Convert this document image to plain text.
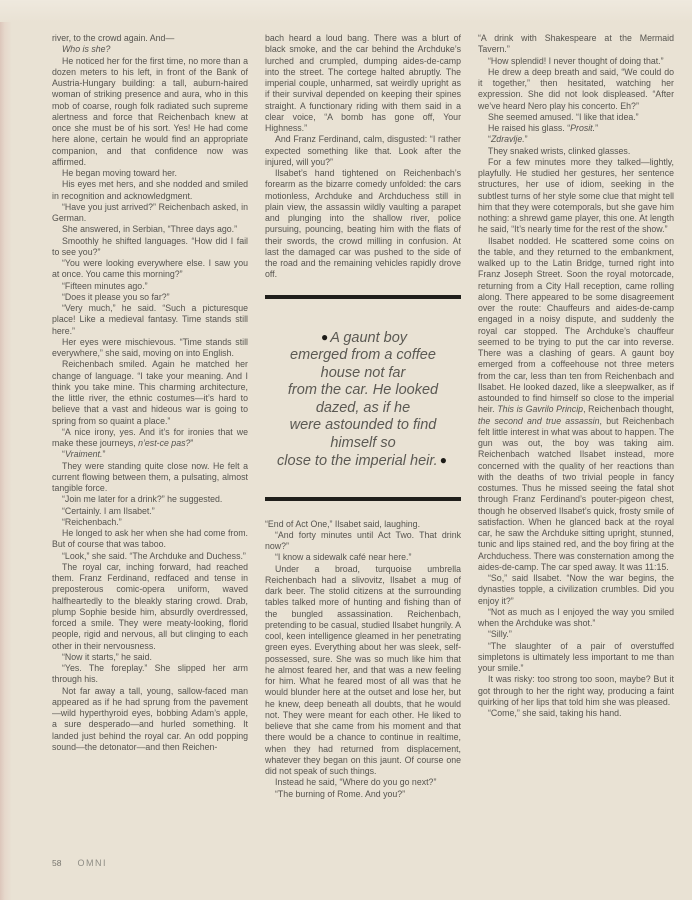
river, to the crowd again. And—

Who is she?

He noticed her for the first time, no more than a dozen meters to his left, in front of the Bank of Austria-Hungary building: a tall, auburn-haired woman of striking presence and aura, who in this mob of coarse, rough folk radiated such supreme alertness and force that Reichenbach knew at once she must be of his sort. Yes! He had come here alone, certain he would find an appropriate companion, and that confidence now was affirmed.

He began moving toward her.

His eyes met hers, and she nodded and smiled in recognition and acknowledgment.

“Have you just arrived?” Reichenbach asked, in German.

She answered, in Serbian, “Three days ago.”

Smoothly he shifted languages. “How did I fail to see you?”

“You were looking everywhere else. I saw you at once. You came this morning?”

“Fifteen minutes ago.”

“Does it please you so far?”

“Very much,” he said. “Such a picturesque place! Like a medieval fantasy. Time stands still here.”

Her eyes were mischievous. “Time stands still everywhere,” she said, moving on into English.

Reichenbach smiled. Again he matched her change of language. “I take your meaning. And I think you take mine. This charming architecture, the little river, the ethnic costumes—it’s hard to believe that a vast and hideous war is going to spring from so quaint a place.”

“A nice irony, yes. And it’s for ironies that we make these journeys, n’est-ce pas?”

“Vraiment.”

They were standing quite close now. He felt a current flowing between them, a pulsating, almost tangible force.

“Join me later for a drink?” he suggested.

“Certainly. I am Ilsabet.”

“Reichenbach.”

He longed to ask her when she had come from. But of course that was taboo.

“Look,” she said. “The Archduke and Duchess.”

The royal car, inching forward, had reached them. Franz Ferdinand, redfaced and tense in preposterous comic-opera uniform, waved halfheartedly to the bleakly staring crowd. Drab, plump Sophie beside him, absurdly overdressed, forced a smile. They were meaty-looking, florid people, rigid and nervous, all but clinging to each other in their nervousness.

“Now it starts,” he said.

“Yes. The foreplay.” She slipped her arm through his.

Not far away a tall, young, sallow-faced man appeared as if he had sprung from the pavement—wild hyperthyroid eyes, bobbing Adam’s apple, a sure desperado—and hurled something. It landed just behind the royal car. An odd popping sound—the detonator—and then Reichen-

bach heard a loud bang. There was a blurt of black smoke, and the car behind the Archduke’s lurched and crumpled, dumping aides-de-camp into the street. The cortege halted abruptly. The imperial couple, unharmed, sat weirdly upright as if their survival depended on keeping their spines straight. A functionary riding with them said in a clear voice, “A bomb has gone off, Your Highness.”

And Franz Ferdinand, calm, disgusted: “I rather expected something like that. Look after the injured, will you?”

Ilsabet’s hand tightened on Reichenbach’s forearm as the bizarre comedy unfolded: the cars motionless, Archduke and Archduchess still in plain view, the assassin wildly vaulting a parapet and plunging into the shallow river, police pursuing, pouncing, beating him with the flats of their swords, the crowd milling in confusion. At last the damaged car was pushed to the side of the road and the remaining vehicles rapidly drove off.

● A gaunt boy
emerged from a coffee
house not far
from the car. He looked
dazed, as if he
were astounded to find
himself so
close to the imperial heir. ●

“End of Act One,” Ilsabet said, laughing.

“And forty minutes until Act Two. That drink now?”

“I know a sidewalk café near here.”

Under a broad, turquoise umbrella Reichenbach had a slivovitz, Ilsabet a mug of dark beer. The stolid citizens at the surrounding tables talked more of hunting and fishing than of the bungled assassination. Reichenbach, pretending to be casual, studied Ilsabet hungrily. A cool, keen intelligence gleamed in her penetrating green eyes. Everything about her was sleek, self-possessed, sure. She was so much like him that he almost feared her, and that was a new feeling for him. What he feared most of all was that he would blunder here at the outset and lose her, but he knew, deep beneath all doubts, that he would not. They were meant for each other. He liked to believe that she came from his moment and that there would be a chance to continue in realtime, when they had returned from displacement, whatever they began on this jaunt. Of course one did not speak of such things.

Instead he said, “Where do you go next?”

“The burning of Rome. And you?”

“A drink with Shakespeare at the Mermaid Tavern.”

“How splendid! I never thought of doing that.”

He drew a deep breath and said, “We could do it together,” then hesitated, watching her expression. She did not look displeased. “After we’ve heard Nero play his concerto. Eh?”

She seemed amused. “I like that idea.”

He raised his glass. “Prosit.”

“Zdravlje.”

They snaked wrists, clinked glasses.

For a few minutes more they talked—lightly, playfully. He studied her gestures, her sentence structures, her use of idiom, seeking in the subtlest turns of her style some clue that might tell him that they were cotemporals, but she gave him nothing: a shrewd game player, this one. At length he said, “It’s nearly time for the rest of the show.”

Ilsabet nodded. He scattered some coins on the table, and they returned to the embankment, walked up to the Latin Bridge, turned right into Franz Joseph Street. Soon the royal motorcade, returning from a City Hall reception, came rolling along. There appeared to be some disagreement over the route: Chauffeurs and aides-de-camp engaged in a noisy dispute, and suddenly the royal car stopped. The Archduke’s chauffeur seemed to be trying to put the car into reverse. There was a clashing of gears. A gaunt boy emerged from a coffeehouse not three meters from the car, less than ten from Reichenbach and Ilsabet. He looked dazed, like a sleepwalker, as if astounded to find himself so close to the imperial heir. This is Gavrilo Princip, Reichenbach thought, the second and true assassin, but Reichenbach felt little interest in what was about to happen. The gun was out, the boy was taking aim. Reichenbach watched Ilsabet instead, more concerned with the quality of her reactions than with the deaths of two trivial people in fancy costumes. Thus he missed seeing the fatal shot through Franz Ferdinand’s pouter-pigeon chest, though he observed Ilsabet’s quick, frosty smile of satisfaction. When he glanced back at the royal car, he saw the Archduke sitting upright, stunned, tunic and lips stained red, and the boy firing at the Archduchess. There was consternation among the aides-de-camp. The car sped away. It was 11:15.

“So,” said Ilsabet. “Now the war begins, the dynasties topple, a civilization crumbles. Did you enjoy it?”

“Not as much as I enjoyed the way you smiled when the Archduke was shot.”

“Silly.”

“The slaughter of a pair of overstuffed simpletons is ultimately less important to me than your smile.”

It was risky: too strong too soon, maybe? But it got through to her the right way, producing a faint quirking of her lips that told him she was pleased.

“Come,” she said, taking his hand.

58 OMNI
